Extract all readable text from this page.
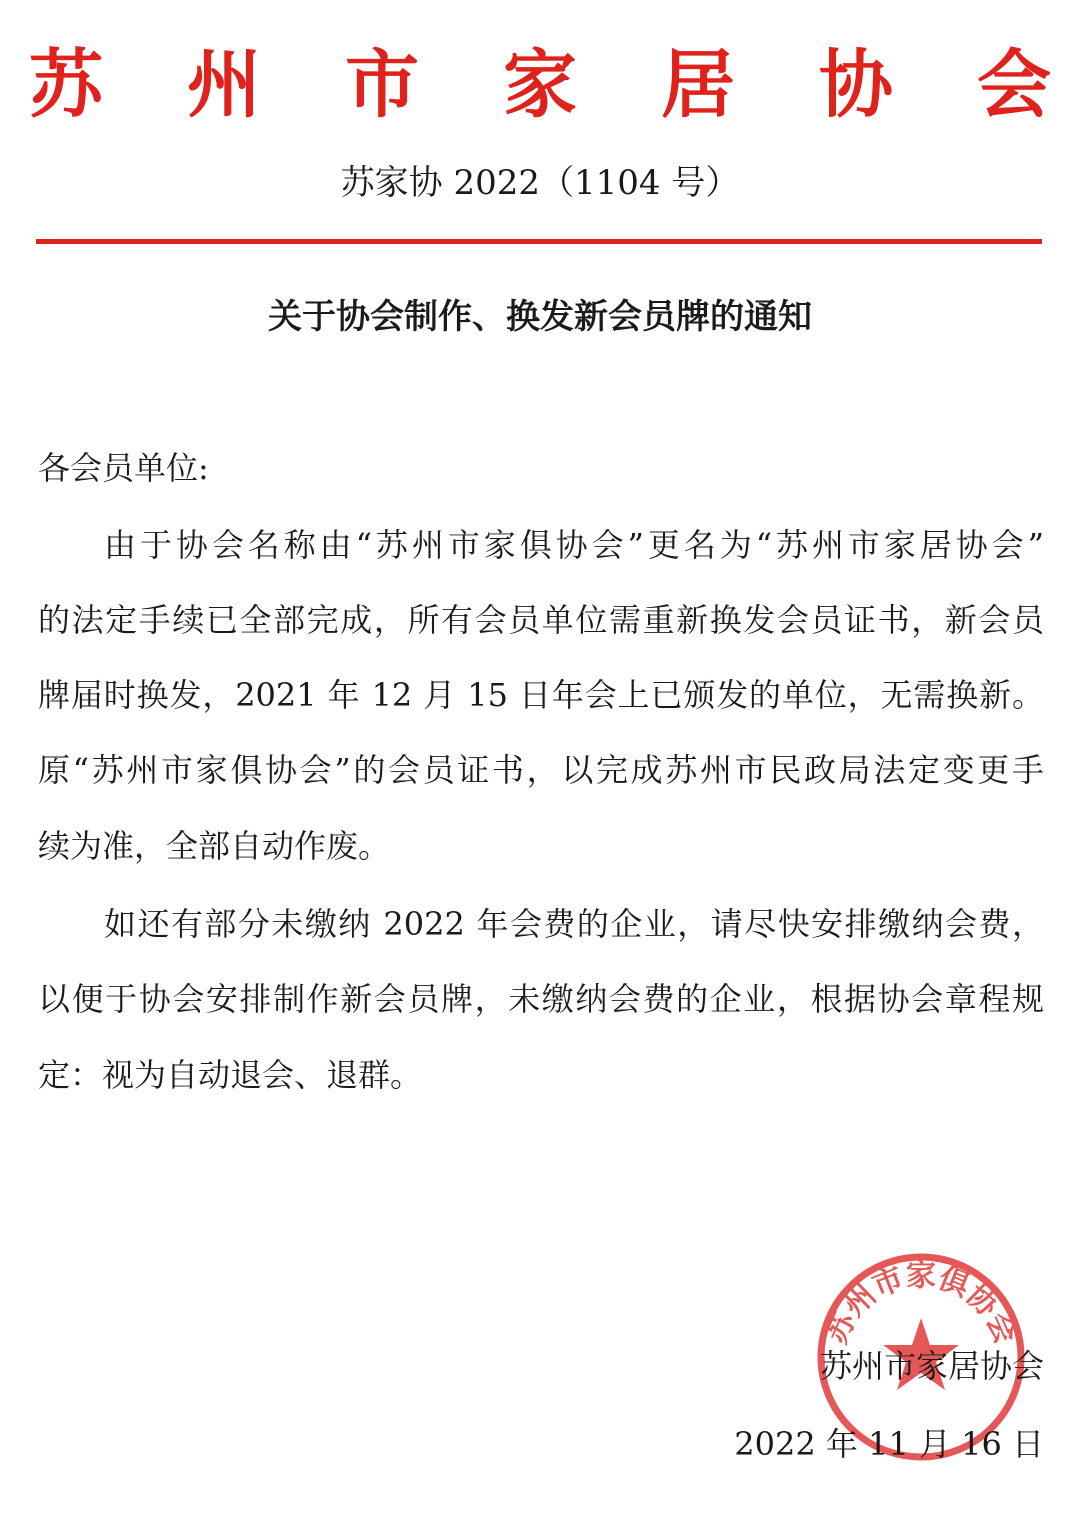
苏 州 市 家 居 协 会
苏家协 2022（1104 号）
关于协会制作、换发新会员牌的通知

各会员单位:

由于协会名称由“苏州市家俱协会”更名为“苏州市家居协会”

的法定手续已全部完成，所有会员单位需重新换发会员证书，新会员

牌届时换发，2021 年 12 月 15 日年会上已颁发的单位，无需换新。

原“苏州市家俱协会”的会员证书，以完成苏州市民政局法定变更手

续为准，全部自动作废。

如还有部分未缴纳 2022 年会费的企业，请尽快安排缴纳会费，

以便于协会安排制作新会员牌，未缴纳会费的企业，根据协会章程规

定：视为自动退会、退群。

苏州市家俱协会

苏州市家居协会

2022 年 11 月 16 日
